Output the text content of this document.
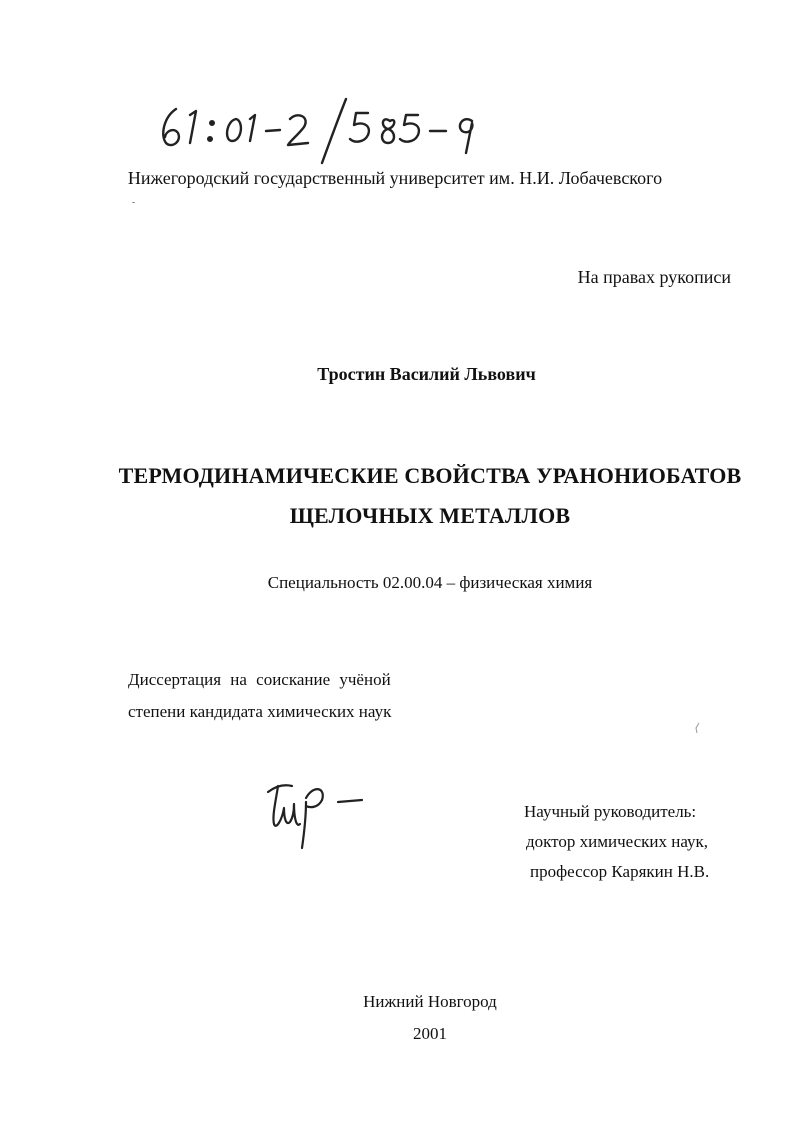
Нижегородский государственный университет им. Н.И. Лобачевского
На правах рукописи
Тростин Василий Львович
ТЕРМОДИНАМИЧЕСКИЕ СВОЙСТВА УРАНОНИОБАТОВ
ЩЕЛОЧНЫХ МЕТАЛЛОВ
Специальность 02.00.04 – физическая химия
Диссертация на соискание учёной
степени кандидата химических наук
Научный руководитель:
доктор химических наук,
профессор Карякин Н.В.
Нижний Новгород
2001
